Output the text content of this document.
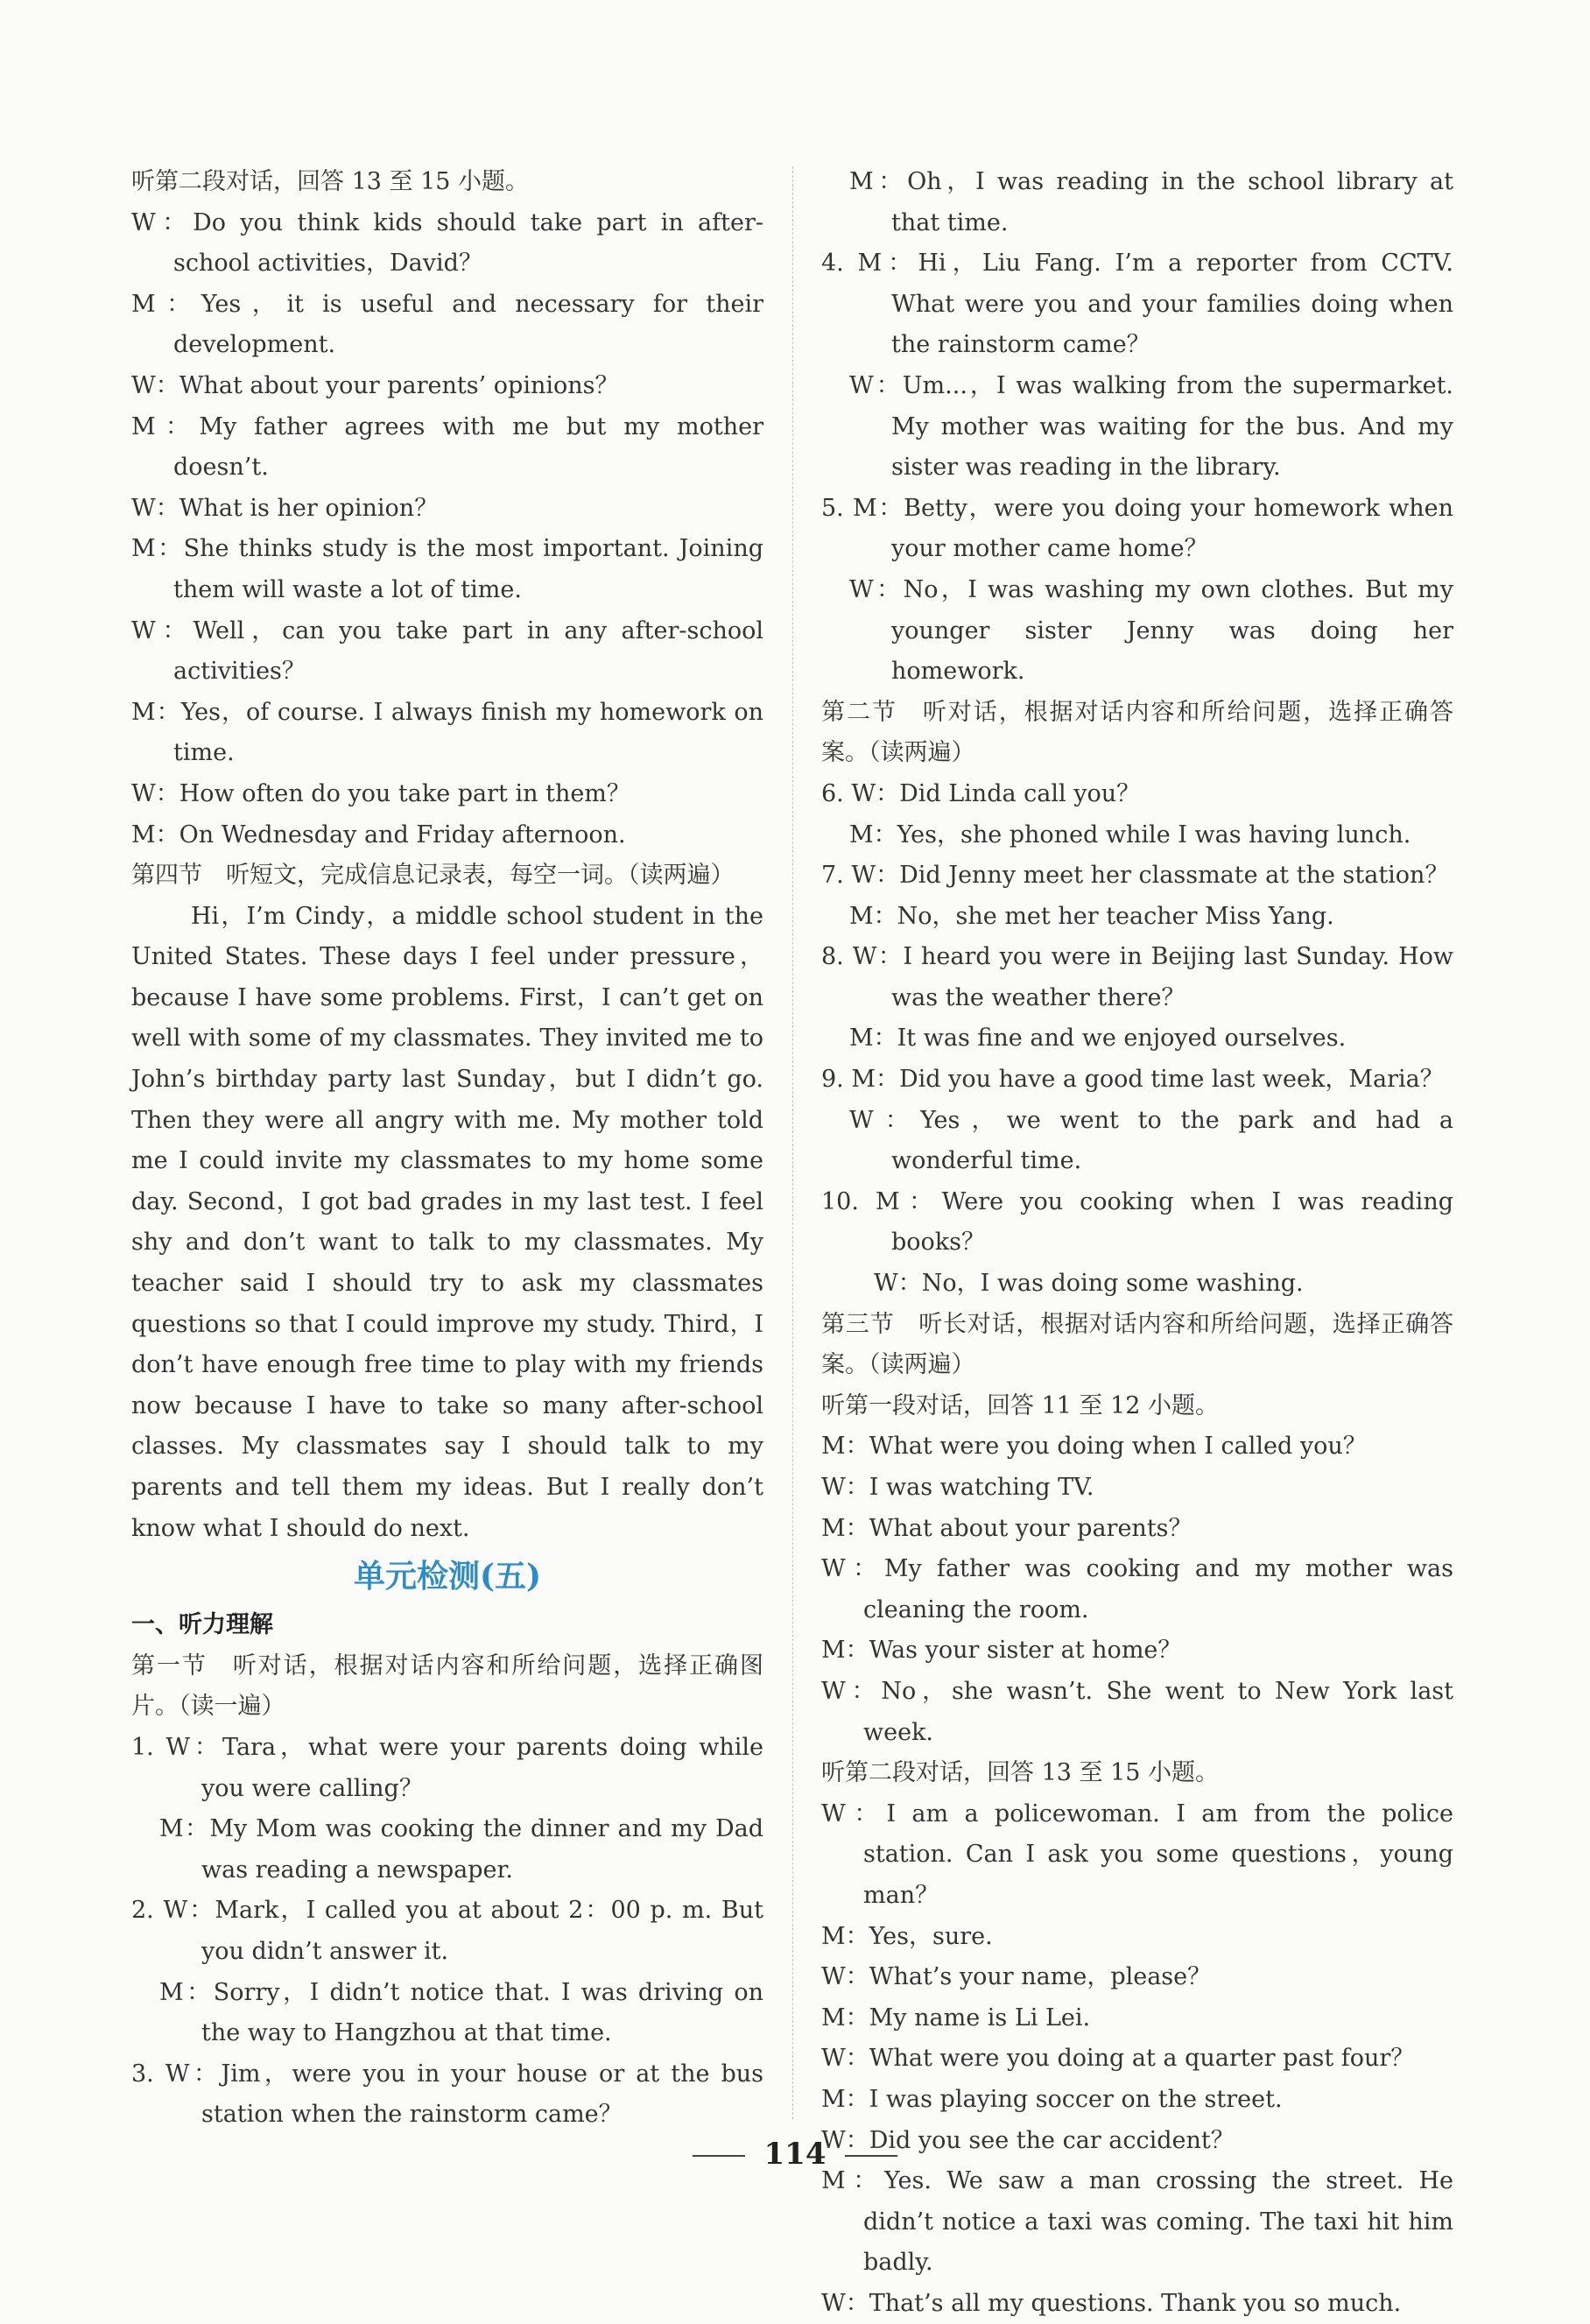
听第二段对话，回答 13 至 15 小题。

W：Do you think kids should take part in after-school activities，David？

M：Yes，it is useful and necessary for their development.

W：What about your parents’ opinions？

M：My father agrees with me but my mother doesn’t.

W：What is her opinion？

M：She thinks study is the most important. Joining them will waste a lot of time.

W：Well，can you take part in any after-school activities？

M：Yes，of course. I always finish my homework on time.

W：How often do you take part in them？

M：On Wednesday and Friday afternoon.

第四节　听短文，完成信息记录表，每空一词。（读两遍）

Hi，I’m Cindy，a middle school student in the United States. These days I feel under pressure，because I have some problems. First，I can’t get on well with some of my classmates. They invited me to John’s birthday party last Sunday，but I didn’t go. Then they were all angry with me. My mother told me I could invite my classmates to my home some day. Second，I got bad grades in my last test. I feel shy and don’t want to talk to my classmates. My teacher said I should try to ask my classmates questions so that I could improve my study. Third，I don’t have enough free time to play with my friends now because I have to take so many after-school classes. My classmates say I should talk to my parents and tell them my ideas. But I really don’t know what I should do next.

单元检测(五)
一、听力理解

第一节　听对话，根据对话内容和所给问题，选择正确图片。（读一遍）

1. W：Tara，what were your parents doing while you were calling？

M：My Mom was cooking the dinner and my Dad was reading a newspaper.

2. W：Mark，I called you at about 2：00 p. m. But you didn’t answer it.

M：Sorry，I didn’t notice that. I was driving on the way to Hangzhou at that time.

3. W：Jim，were you in your house or at the bus station when the rainstorm came？

M：Oh，I was reading in the school library at that time.

4. M：Hi，Liu Fang. I’m a reporter from CCTV. What were you and your families doing when the rainstorm came？

W：Um...，I was walking from the supermarket. My mother was waiting for the bus. And my sister was reading in the library.

5. M：Betty，were you doing your homework when your mother came home？

W：No，I was washing my own clothes. But my younger sister Jenny was doing her homework.

第二节　听对话，根据对话内容和所给问题，选择正确答案。（读两遍）

6. W：Did Linda call you？

M：Yes，she phoned while I was having lunch.

7. W：Did Jenny meet her classmate at the station？

M：No，she met her teacher Miss Yang.

8. W：I heard you were in Beijing last Sunday. How was the weather there？

M：It was fine and we enjoyed ourselves.

9. M：Did you have a good time last week，Maria？

W：Yes，we went to the park and had a wonderful time.

10. M：Were you cooking when I was reading books？

W：No，I was doing some washing.

第三节　听长对话，根据对话内容和所给问题，选择正确答案。（读两遍）

听第一段对话，回答 11 至 12 小题。

M：What were you doing when I called you？

W：I was watching TV.

M：What about your parents？

W：My father was cooking and my mother was cleaning the room.

M：Was your sister at home？

W：No，she wasn’t. She went to New York last week.

听第二段对话，回答 13 至 15 小题。

W：I am a policewoman. I am from the police station. Can I ask you some questions，young man？

M：Yes，sure.

W：What’s your name，please？

M：My name is Li Lei.

W：What were you doing at a quarter past four？

M：I was playing soccer on the street.

W：Did you see the car accident？

M：Yes. We saw a man crossing the street. He didn’t notice a taxi was coming. The taxi hit him badly.

W：That’s all my questions. Thank you so much.

114
